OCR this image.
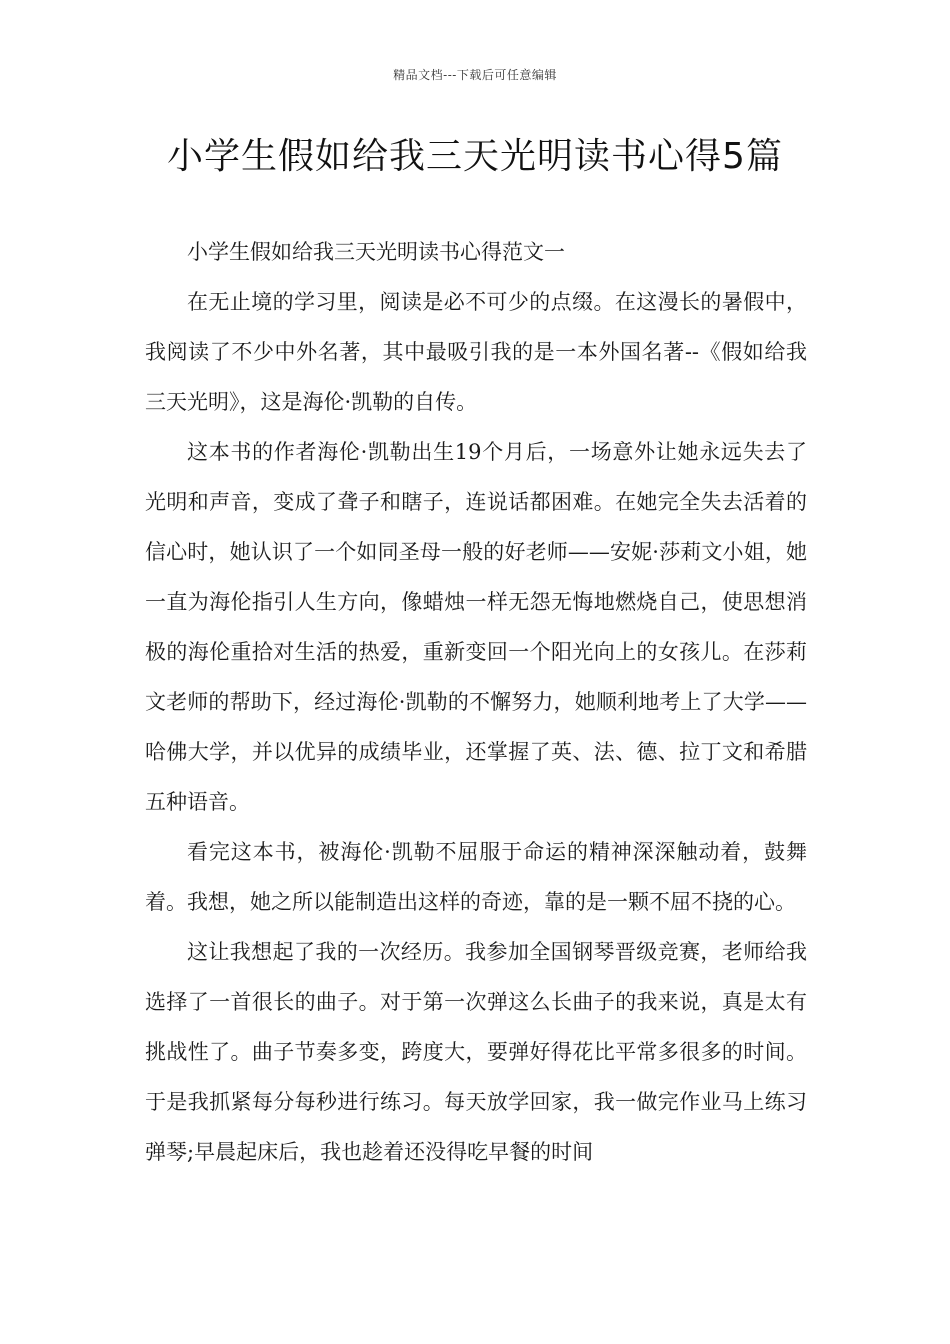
精品文档---下载后可任意编辑
小学生假如给我三天光明读书心得5篇

小学生假如给我三天光明读书心得范文一

在无止境的学习里，阅读是必不可少的点缀。在这漫长的暑假中，我阅读了不少中外名著，其中最吸引我的是一本外国名著--《假如给我三天光明》，这是海伦·凯勒的自传。

这本书的作者海伦·凯勒出生19个月后，一场意外让她永远失去了光明和声音，变成了聋子和瞎子，连说话都困难。在她完全失去活着的信心时，她认识了一个如同圣母一般的好老师——安妮·莎莉文小姐，她一直为海伦指引人生方向，像蜡烛一样无怨无悔地燃烧自己，使思想消极的海伦重拾对生活的热爱，重新变回一个阳光向上的女孩儿。在莎莉文老师的帮助下，经过海伦·凯勒的不懈努力，她顺利地考上了大学——哈佛大学，并以优异的成绩毕业，还掌握了英、法、德、拉丁文和希腊五种语音。

看完这本书，被海伦·凯勒不屈服于命运的精神深深触动着，鼓舞着。我想，她之所以能制造出这样的奇迹，靠的是一颗不屈不挠的心。

这让我想起了我的一次经历。我参加全国钢琴晋级竞赛，老师给我选择了一首很长的曲子。对于第一次弹这么长曲子的我来说，真是太有挑战性了。曲子节奏多变，跨度大，要弹好得花比平常多很多的时间。于是我抓紧每分每秒进行练习。每天放学回家，我一做完作业马上练习弹琴;早晨起床后，我也趁着还没得吃早餐的时间
